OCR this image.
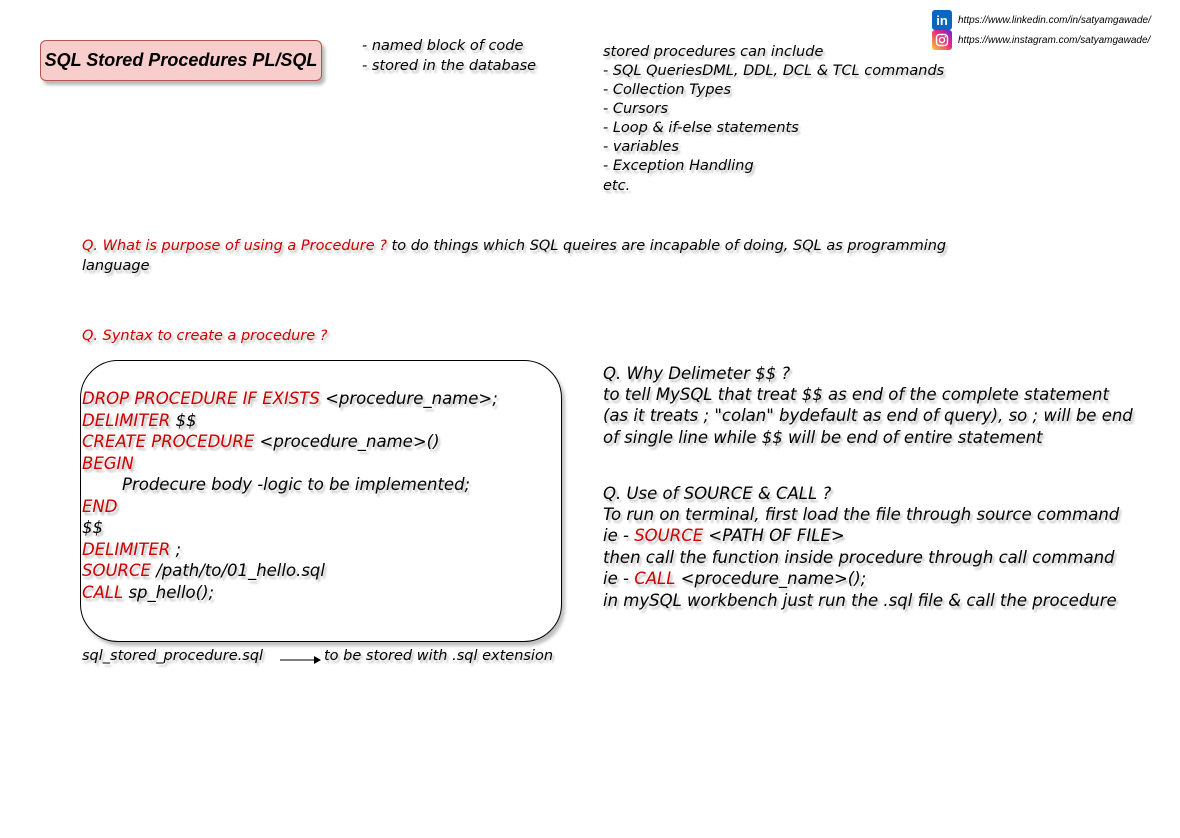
SQL Stored Procedures PL/SQL
in https://www.linkedin.com/in/satyamgawade/
https://www.instagram.com/satyamgawade/
- named block of code
- stored in the database
stored procedures can include
- SQL QueriesDML, DDL, DCL & TCL commands
- Collection Types
- Cursors
- Loop & if-else statements
- variables
- Exception Handling
etc.
Q. What is purpose of using a Procedure ? to do things which SQL queires are incapable of doing, SQL as programming
language
Q. Syntax to create a procedure ?
DROP PROCEDURE IF EXISTS <procedure_name>;
DELIMITER $$
CREATE PROCEDURE <procedure_name>()
BEGIN
Prodecure body -logic to be implemented;
END
$$
DELIMITER ;
SOURCE /path/to/01_hello.sql
CALL sp_hello();
sql_stored_procedure.sql	to be stored with .sql extension
Q. Why Delimeter $$ ?
to tell MySQL that treat $$ as end of the complete statement
(as it treats ; "colan" bydefault as end of query), so ; will be end
of single line while $$ will be end of entire statement
Q. Use of SOURCE & CALL ?
To run on terminal, first load the file through source command
ie - SOURCE <PATH OF FILE>
then call the function inside procedure through call command
ie - CALL <procedure_name>();
in mySQL workbench just run the .sql file & call the procedure
